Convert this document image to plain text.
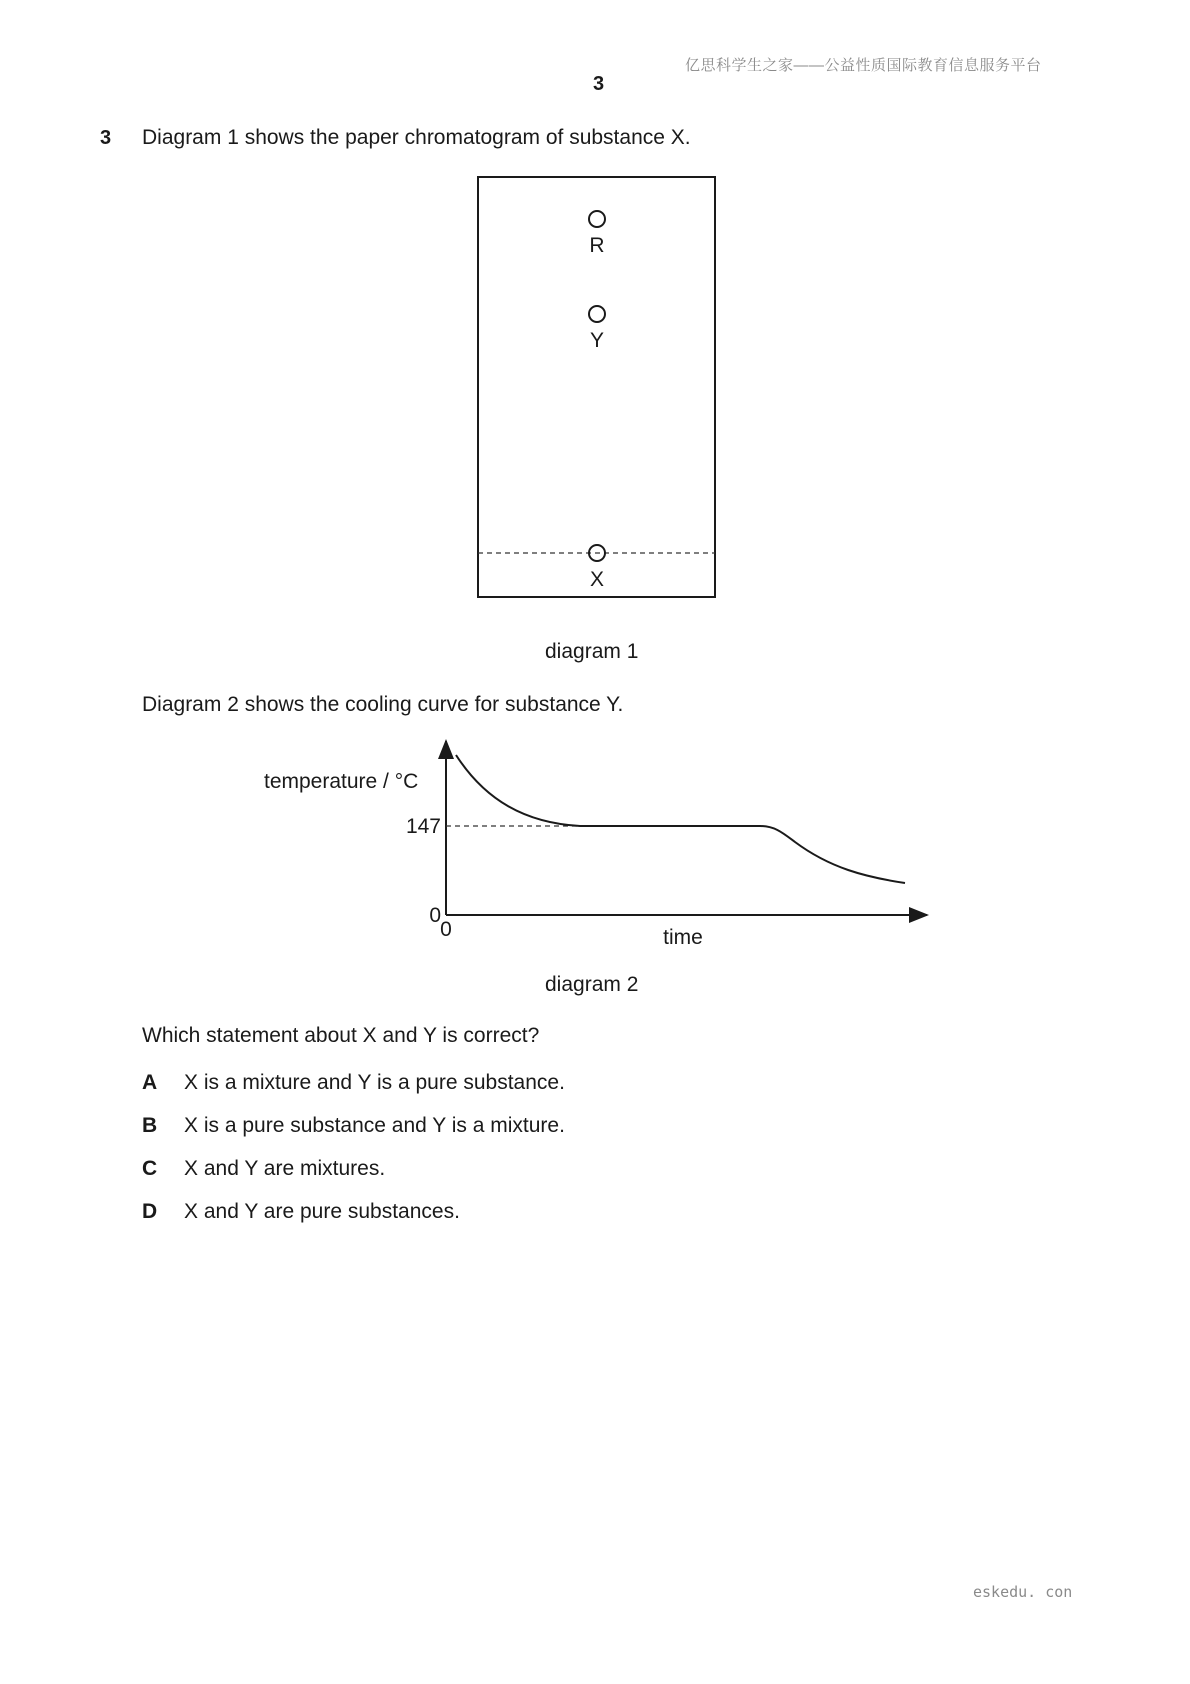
亿思科学生之家——公益性质国际教育信息服务平台
3
3 Diagram 1 shows the paper chromatogram of substance X.
R
Y
X
diagram 1
Diagram 2 shows the cooling curve for substance Y.
temperature / °C
147
0
0	time
diagram 2
Which statement about X and Y is correct?
A X is a mixture and Y is a pure substance.
B X is a pure substance and Y is a mixture.
C X and Y are mixtures.
D X and Y are pure substances.
eskedu. con
